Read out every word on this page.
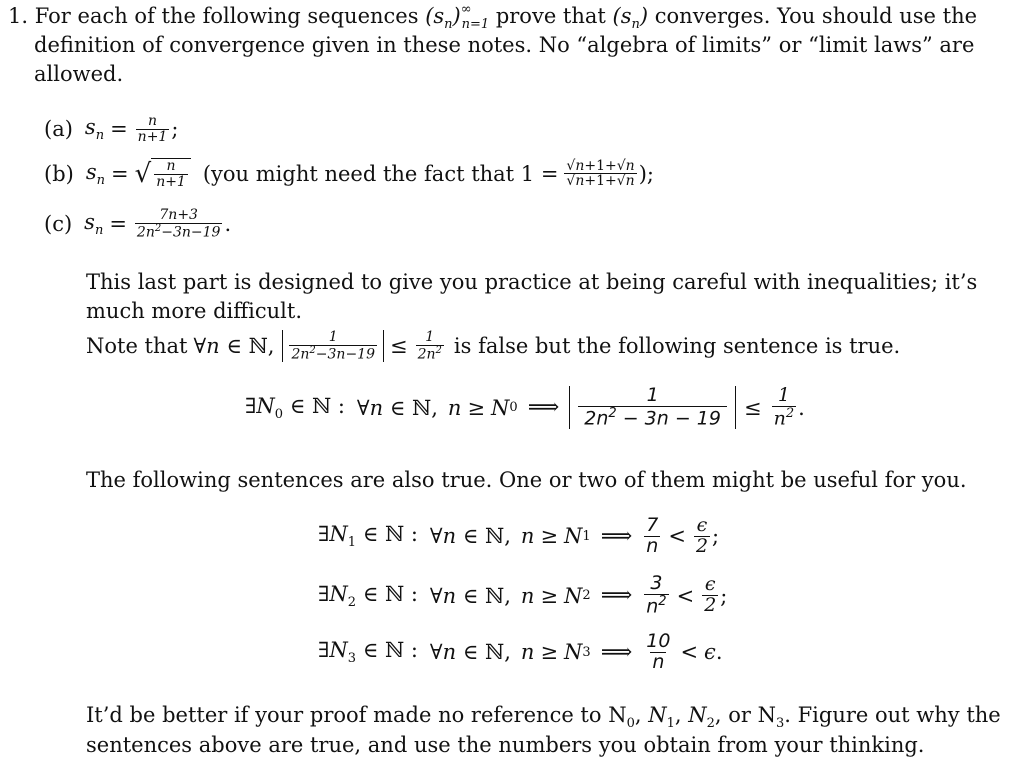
1. For each of the following sequences $(s_n)^\infty_{n=1}$ prove that $(s_n)$ converges. You should use the
definition of convergence given in these notes. No “algebra of limits” or “limit laws” are
allowed.
(a) $s_n = \frac{n}{n+1}$ ;
(b) $s_n$ = √ $\frac{n}{n+1} (you$ might need the fact that $1 = \frac{√n+1+√n}{√n+1+√n}$ );
(c) $s_n = \frac{7n+3}{2n^2-3n-19}$ .
This last part is designed to give you practice at being careful with inequalities; it’s
much more difficult.
Note that ∀n ∈ ℕ, $\frac{1}{2n^2-3n-19} \le \frac{1}{2n^2}$ is false but the following sentence is true.
$\exists N_0$ ∈ ℕ : ∀n ∈ ℕ, n ≥ N 0 ⟹ $\frac{1}{2n^2 - 3n - 19} \le \frac{1}{n^2}$ .
The following sentences are also true. One or two of them might be useful for you.
$\exists N_1$ ∈ ℕ : ∀n ∈ ℕ, n ≥ N 1 ⟹ $\frac{7}{n} < \frac{\epsilon}{2}$ ;
$\exists N_2$ ∈ ℕ : ∀n ∈ ℕ, n ≥ N 2 ⟹ $\frac{3}{n^2} < \frac{\epsilon}{2}$ ;
$\exists N_3$ ∈ ℕ : ∀n ∈ ℕ, n ≥ N 3 ⟹ $\frac{10}{n} < \epsilon$ .
It’d be better if your proof made no reference to $N_0$, $N_1$, $N_2$, or $N_3$. Figure out why the
sentences above are true, and use the numbers you obtain from your thinking.
